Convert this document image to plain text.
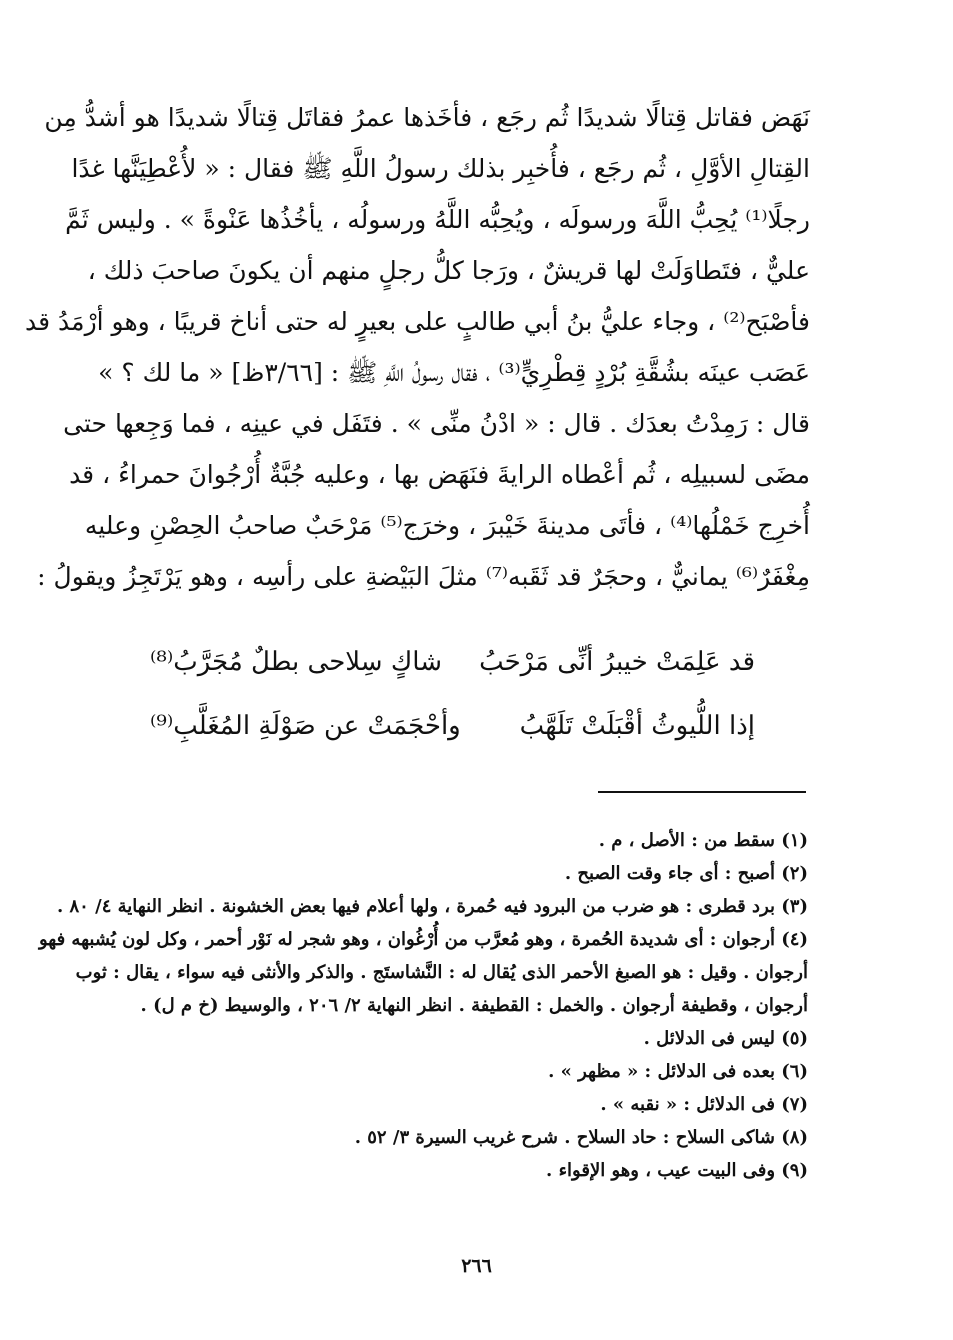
نَهَض فقاتل قِتالًا شديدًا ثُم رجَع ، فأخَذها عمرُ فقاتَل قِتالًا شديدًا هو أشدُّ مِن
القِتالِ الأوَّلِ ، ثُم رجَع ، فأُخبِر بذلك رسولُ اللَّهِ ﷺ فقال : « لأُعْطِيَنَّها غدًا
رجلًا⁽¹⁾ يُحِبُّ اللَّهَ ورسولَه ، ويُحِبُّه اللَّهُ ورسولُه ، يأخُذُها عَنْوةً » . وليس ثَمَّ
عليٌّ ، فتَطاوَلَتْ لها قريشٌ ، ورَجا كلُّ رجلٍ منهم أن يكونَ صاحبَ ذلك ،
فأصْبَح⁽²⁾ ، وجاء عليُّ بنُ أبي طالبٍ على بعيرٍ له حتى أناخ قريبًا ، وهو أرْمَدُ قد
عَصَب عينَه بشُقَّةِ بُرْدٍ قِطْرِيٍّ⁽³⁾ ، فقال رسولُ اللَّهِ ﷺ : [٣/٦٦ظ] « ما لك ؟ »
قال : رَمِدْتُ بعدَك . قال : « ادْنُ منِّى » . فتَفَل في عينِه ، فما وَجِعها حتى
مضَى لسبيلِه ، ثُم أعْطاه الرايةَ فنَهَض بها ، وعليه جُبَّةٌ أُرْجُوانَ حمراءُ ، قد
أُخرِج خَمْلُها⁽⁴⁾ ، فأتَى مدينةَ خَيْبرَ ، وخرَج⁽⁵⁾ مَرْحَبٌ صاحبُ الحِصْنِ وعليه
مِغْفَرٌ⁽⁶⁾ يمانيٌّ ، وحجَرٌ قد ثَقَبه⁽⁷⁾ مثلَ البَيْضةِ على رأسِه ، وهو يَرْتَجِزُ ويقولُ :
قد عَلِمَتْ خيبرُ أنِّى مَرْحَبُ
شاكٍ سِلاحى بطلٌ مُجَرَّبُ⁽⁸⁾
إذا اللُّيوثُ أقْبَلَتْ تَلَهَّبُ
وأحْجَمَتْ عن صَوْلَةِ المُغَلَّبِ⁽⁹⁾
(١) سقط من : الأصل ، م .
(٢) أصبح : أى جاء وقت الصبح .
(٣) برد قطرى : هو ضرب من البرود فيه حُمرة ، ولها أعلام فيها بعض الخشونة . انظر النهاية ٤/ ٨٠ .
(٤) أرجوان : أى شديدة الحُمرة ، وهو مُعرَّب من أُرْغُوان ، وهو شجر له نَوْر أحمر ، وكل لون يُشبهه فهو
أرجوان . وقيل : هو الصبغ الأحمر الذى يُقال له : النَّشاستَج . والذكر والأنثى فيه سواء ، يقال : ثوب
أرجوان ، وقطيفة أرجوان . والخمل : القطيفة . انظر النهاية ٢/ ٢٠٦ ، والوسيط (خ م ل) .
(٥) ليس فى الدلائل .
(٦) بعده فى الدلائل : « مظهر » .
(٧) فى الدلائل : « نقبه » .
(٨) شاكى السلاح : حاد السلاح . شرح غريب السيرة ٣/ ٥٢ .
(٩) وفى البيت عيب ، وهو الإقواء .
٢٦٦
